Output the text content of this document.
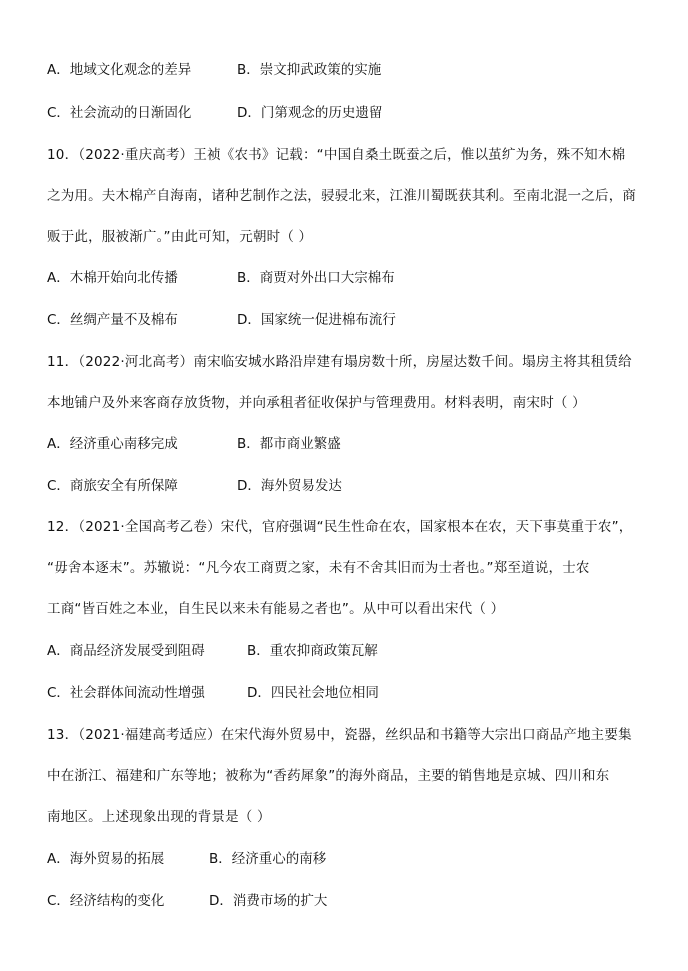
A．地域文化观念的差异	B．崇文抑武政策的实施
C．社会流动的日渐固化	D．门第观念的历史遗留
10．（2022·重庆高考）王祯《农书》记载：“中国自桑土既蚕之后，惟以茧纩为务，殊不知木棉
之为用。夫木棉产自海南，诸种艺制作之法，骎骎北来，江淮川蜀既获其利。至南北混一之后，商
贩于此，服被渐广。”由此可知，元朝时（ ）
A．木棉开始向北传播	B．商贾对外出口大宗棉布
C．丝绸产量不及棉布	D．国家统一促进棉布流行
11．（2022·河北高考）南宋临安城水路沿岸建有塌房数十所，房屋达数千间。塌房主将其租赁给
本地铺户及外来客商存放货物，并向承租者征收保护与管理费用。材料表明，南宋时（ ）
A．经济重心南移完成	B．都市商业繁盛
C．商旅安全有所保障	D．海外贸易发达
12．（2021·全国高考乙卷）宋代，官府强调“民生性命在农，国家根本在农，天下事莫重于农”，
“毋舍本逐末”。苏辙说：“凡今农工商贾之家，未有不舍其旧而为士者也。”郑至道说，士农
工商“皆百姓之本业，自生民以来未有能易之者也”。从中可以看出宋代（ ）
A．商品经济发展受到阻碍	B．重农抑商政策瓦解
C．社会群体间流动性增强	D．四民社会地位相同
13．（2021·福建高考适应）在宋代海外贸易中，瓷器，丝织品和书籍等大宗出口商品产地主要集
中在浙江、福建和广东等地；被称为“香药犀象”的海外商品，主要的销售地是京城、四川和东
南地区。上述现象出现的背景是（ ）
A．海外贸易的拓展	B．经济重心的南移
C．经济结构的变化	D．消费市场的扩大
